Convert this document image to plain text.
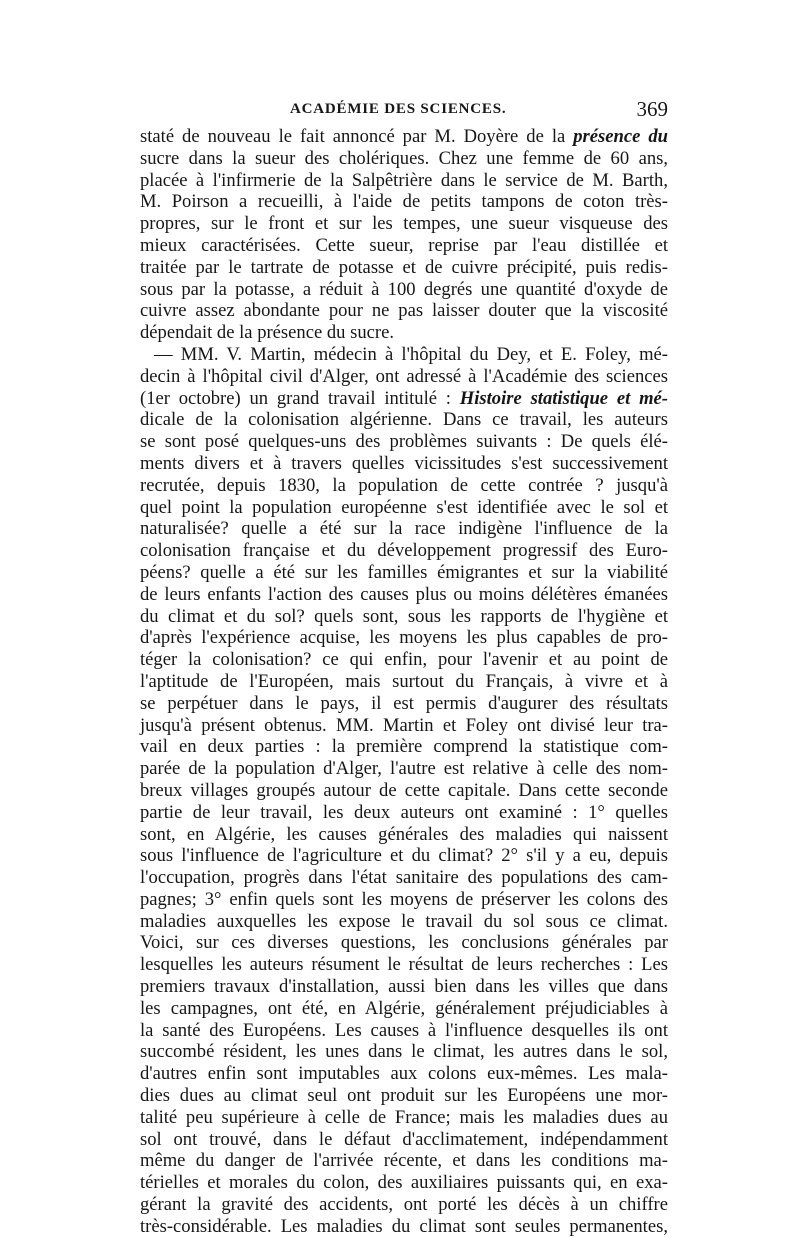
ACADÉMIE DES SCIENCES.	369
staté de nouveau le fait annoncé par M. Doyère de la présence du
sucre dans la sueur des cholériques. Chez une femme de 60 ans,
placée à l'infirmerie de la Salpêtrière dans le service de M. Barth,
M. Poirson a recueilli, à l'aide de petits tampons de coton très-
propres, sur le front et sur les tempes, une sueur visqueuse des
mieux caractérisées. Cette sueur, reprise par l'eau distillée et
traitée par le tartrate de potasse et de cuivre précipité, puis redis-
sous par la potasse, a réduit à 100 degrés une quantité d'oxyde de
cuivre assez abondante pour ne pas laisser douter que la viscosité
dépendait de la présence du sucre.
— MM. V. Martin, médecin à l'hôpital du Dey, et E. Foley, mé-
decin à l'hôpital civil d'Alger, ont adressé à l'Académie des sciences
(1er octobre) un grand travail intitulé : Histoire statistique et mé-
dicale de la colonisation algérienne. Dans ce travail, les auteurs
se sont posé quelques-uns des problèmes suivants : De quels élé-
ments divers et à travers quelles vicissitudes s'est successivement
recrutée, depuis 1830, la population de cette contrée ? jusqu'à
quel point la population européenne s'est identifiée avec le sol et
naturalisée? quelle a été sur la race indigène l'influence de la
colonisation française et du développement progressif des Euro-
péens? quelle a été sur les familles émigrantes et sur la viabilité
de leurs enfants l'action des causes plus ou moins délétères émanées
du climat et du sol? quels sont, sous les rapports de l'hygiène et
d'après l'expérience acquise, les moyens les plus capables de pro-
téger la colonisation? ce qui enfin, pour l'avenir et au point de
l'aptitude de l'Européen, mais surtout du Français, à vivre et à
se perpétuer dans le pays, il est permis d'augurer des résultats
jusqu'à présent obtenus. MM. Martin et Foley ont divisé leur tra-
vail en deux parties : la première comprend la statistique com-
parée de la population d'Alger, l'autre est relative à celle des nom-
breux villages groupés autour de cette capitale. Dans cette seconde
partie de leur travail, les deux auteurs ont examiné : 1° quelles
sont, en Algérie, les causes générales des maladies qui naissent
sous l'influence de l'agriculture et du climat? 2° s'il y a eu, depuis
l'occupation, progrès dans l'état sanitaire des populations des cam-
pagnes; 3° enfin quels sont les moyens de préserver les colons des
maladies auxquelles les expose le travail du sol sous ce climat.
Voici, sur ces diverses questions, les conclusions générales par
lesquelles les auteurs résument le résultat de leurs recherches : Les
premiers travaux d'installation, aussi bien dans les villes que dans
les campagnes, ont été, en Algérie, généralement préjudiciables à
la santé des Européens. Les causes à l'influence desquelles ils ont
succombé résident, les unes dans le climat, les autres dans le sol,
d'autres enfin sont imputables aux colons eux-mêmes. Les mala-
dies dues au climat seul ont produit sur les Européens une mor-
talité peu supérieure à celle de France; mais les maladies dues au
sol ont trouvé, dans le défaut d'acclimatement, indépendamment
même du danger de l'arrivée récente, et dans les conditions ma-
térielles et morales du colon, des auxiliaires puissants qui, en exa-
gérant la gravité des accidents, ont porté les décès à un chiffre
très-considérable. Les maladies du climat sont seules permanentes,
